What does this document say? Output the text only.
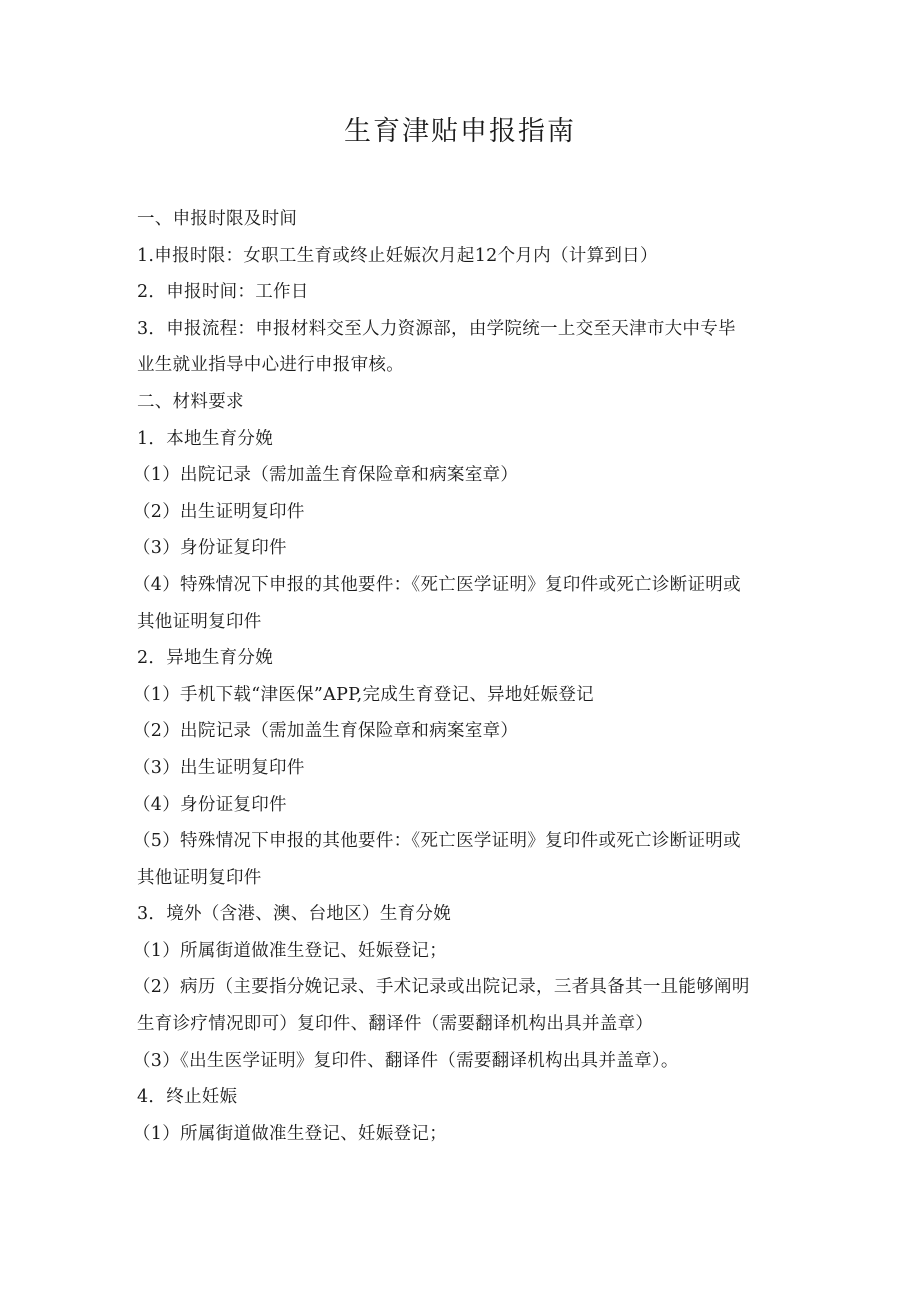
生育津贴申报指南
一、申报时限及时间
1.申报时限：女职工生育或终止妊娠次月起12个月内（计算到日）
2．申报时间：工作日
3．申报流程：申报材料交至人力资源部，由学院统一上交至天津市大中专毕
业生就业指导中心进行申报审核。
二、材料要求
1．本地生育分娩
（1）出院记录（需加盖生育保险章和病案室章）
（2）出生证明复印件
（3）身份证复印件
（4）特殊情况下申报的其他要件：《死亡医学证明》复印件或死亡诊断证明或
其他证明复印件
2．异地生育分娩
（1）手机下载“津医保”APP,完成生育登记、异地妊娠登记
（2）出院记录（需加盖生育保险章和病案室章）
（3）出生证明复印件
（4）身份证复印件
（5）特殊情况下申报的其他要件：《死亡医学证明》复印件或死亡诊断证明或
其他证明复印件
3．境外（含港、澳、台地区）生育分娩
（1）所属街道做准生登记、妊娠登记；
（2）病历（主要指分娩记录、手术记录或出院记录，三者具备其一且能够阐明
生育诊疗情况即可）复印件、翻译件（需要翻译机构出具并盖章）
（3）《出生医学证明》复印件、翻译件（需要翻译机构出具并盖章）。
4．终止妊娠
（1）所属街道做准生登记、妊娠登记；
